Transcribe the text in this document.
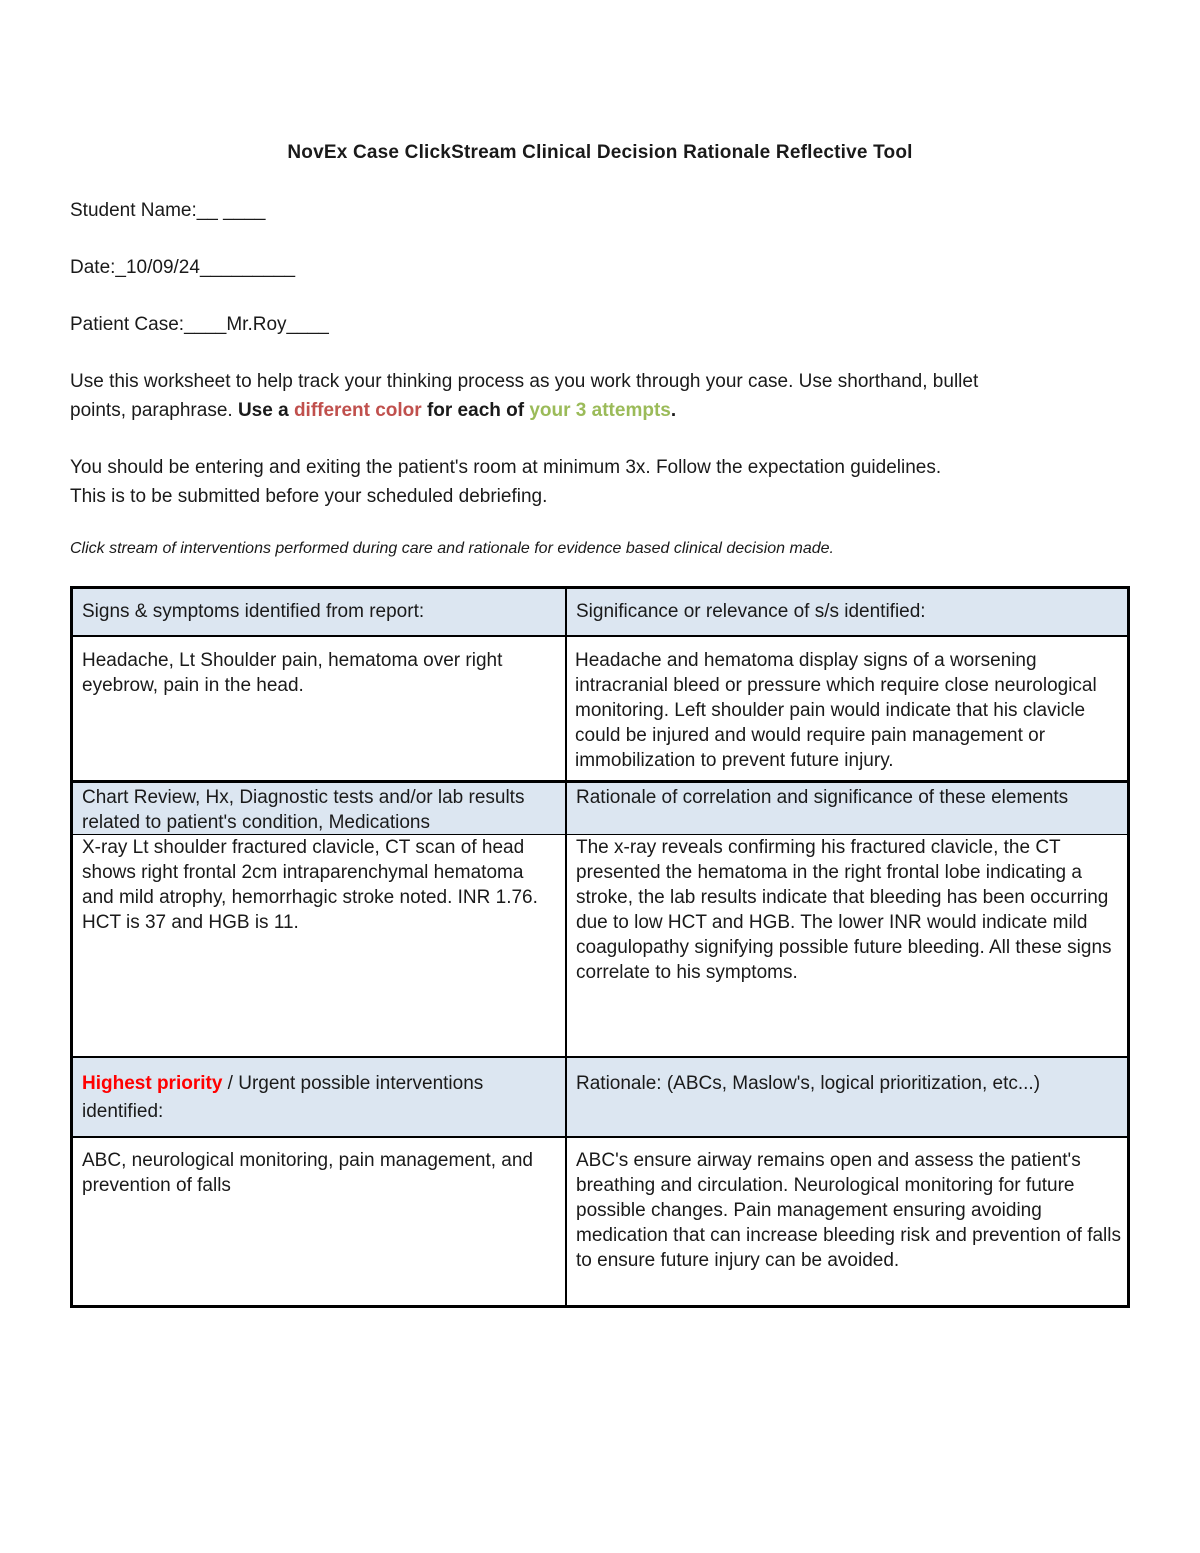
NovEx Case ClickStream Clinical Decision Rationale Reflective Tool
Student Name:__ ____
Date:_10/09/24_________
Patient Case:____Mr.Roy____
Use this worksheet to help track your thinking process as you work through your case. Use shorthand, bullet
points, paraphrase. Use a different color for each of your 3 attempts.
You should be entering and exiting the patient's room at minimum 3x. Follow the expectation guidelines.
This is to be submitted before your scheduled debriefing.
Click stream of interventions performed during care and rationale for evidence based clinical decision made.
Signs & symptoms identified from report:	Significance or relevance of s/s identified:
Headache, Lt Shoulder pain, hematoma over right eyebrow, pain in the head.
Headache and hematoma display signs of a worsening intracranial bleed or pressure which require close neurological monitoring. Left shoulder pain would indicate that his clavicle could be injured and would require pain management or immobilization to prevent future injury.
Chart Review, Hx, Diagnostic tests and/or lab results related to patient's condition, Medications
Rationale of correlation and significance of these elements
X-ray Lt shoulder fractured clavicle, CT scan of head shows right frontal 2cm intraparenchymal hematoma and mild atrophy, hemorrhagic stroke noted. INR 1.76. HCT is 37 and HGB is 11.
The x-ray reveals confirming his fractured clavicle, the CT presented the hematoma in the right frontal lobe indicating a stroke, the lab results indicate that bleeding has been occurring due to low HCT and HGB. The lower INR would indicate mild coagulopathy signifying possible future bleeding. All these signs correlate to his symptoms.
Highest priority / Urgent possible interventions
identified:
Rationale: (ABCs, Maslow's, logical prioritization, etc...)
ABC, neurological monitoring, pain management, and prevention of falls
ABC's ensure airway remains open and assess the patient's breathing and circulation. Neurological monitoring for future possible changes. Pain management ensuring avoiding medication that can increase bleeding risk and prevention of falls to ensure future injury can be avoided.
